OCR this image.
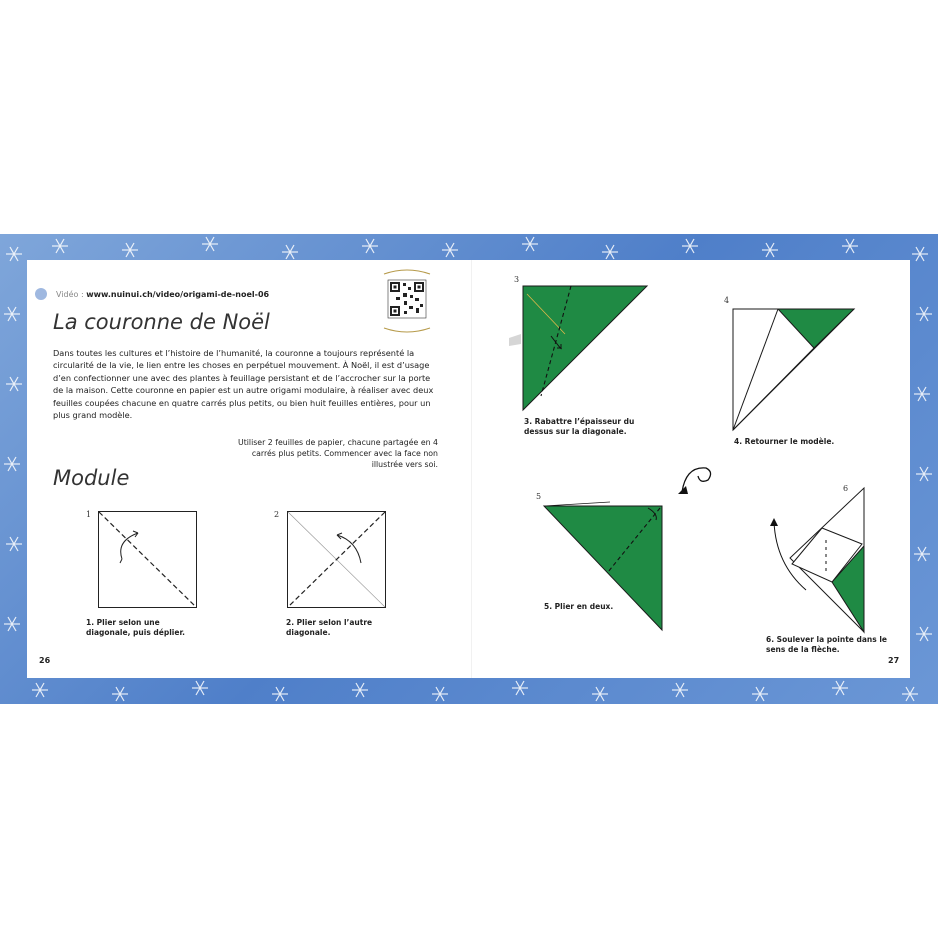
Vidéo : www.nuinui.ch/video/origami-de-noel-06
La couronne de Noël
Dans toutes les cultures et l’histoire de l’humanité, la couronne a toujours représenté la circularité de la vie, le lien entre les choses en perpétuel mouvement. À Noël, il est d’usage d’en confectionner une avec des plantes à feuillage persistant et de l’accrocher sur la porte de la maison. Cette couronne en papier est un autre origami modulaire, à réaliser avec deux feuilles coupées chacune en quatre carrés plus petits, ou bien huit feuilles entières, pour un plus grand modèle.
Utiliser 2 feuilles de papier, chacune partagée en 4 carrés plus petits. Commencer avec la face non illustrée vers soi.
Module
1
1. Plier selon une diagonale, puis déplier.
2
2. Plier selon l’autre diagonale.
26
3
3. Rabattre l’épaisseur du dessus sur la diagonale.
4
4. Retourner le modèle.
5
5. Plier en deux.
6
6. Soulever la pointe dans le sens de la flèche.
27
